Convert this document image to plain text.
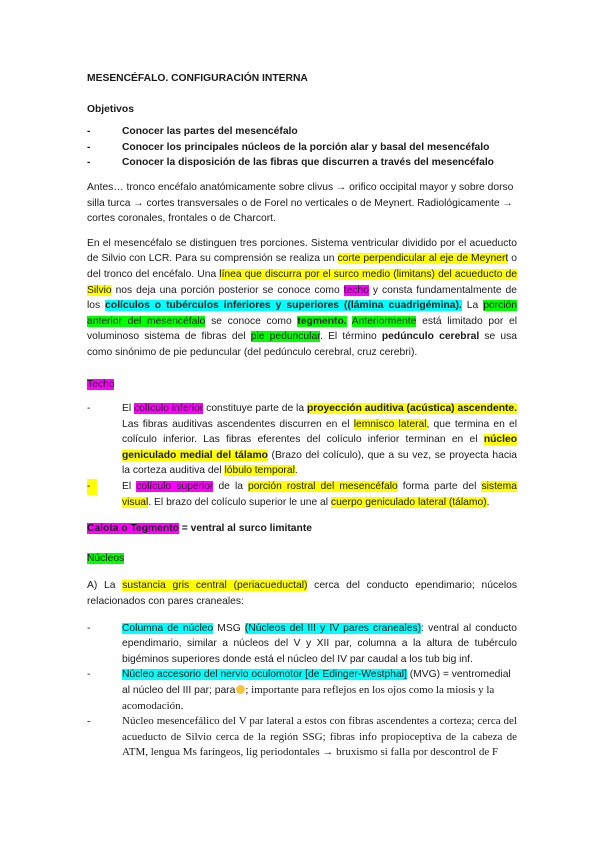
MESENCÉFALO. CONFIGURACIÓN INTERNA

Objetivos

-	Conocer las partes del mesencéfalo

-	Conocer los principales núcleos de la porción alar y basal del mesencéfalo

-	Conocer la disposición de las fibras que discurren a través del mesencéfalo

Antes… tronco encéfalo anatómicamente sobre clivus → orifico occipital mayor y sobre dorso silla turca → cortes transversales o de Forel no verticales o de Meynert. Radiológicamente → cortes coronales, frontales o de Charcort.

En el mesencéfalo se distinguen tres porciones. Sistema ventricular dividido por el acueducto de Silvio con LCR. Para su comprensión se realiza un corte perpendicular al eje de Meynert o del tronco del encéfalo. Una línea que discurra por el surco medio (limitans) del acueducto de Silvio nos deja una porción posterior se conoce como techo y consta fundamentalmente de los colículos o tubérculos inferiores y superiores ((lámina cuadrigémina). La porción anterior del mesencéfalo se conoce como tegmento. Anteriormente está limitado por el voluminoso sistema de fibras del pie peduncular. El término pedúnculo cerebral se usa como sinónimo de pie peduncular (del pedúnculo cerebral, cruz cerebri).

Techo

-	El colículo inferior constituye parte de la proyección auditiva (acústica) ascendente. Las fibras auditivas ascendentes discurren en el lemnisco lateral, que termina en el colículo inferior. Las fibras eferentes del colículo inferior terminan en el núcleo geniculado medial del tálamo (Brazo del colículo), que a su vez, se proyecta hacia la corteza auditiva del lóbulo temporal.

-	El colículo superior de la porción rostral del mesencéfalo forma parte del sistema visual. El brazo del colículo superior le une al cuerpo geniculado lateral (tálamo).

Calota o Tegmento = ventral al surco limitante

Núcleos

A) La sustancia gris central (periacueductal) cerca del conducto ependimario; núcelos relacionados con pares craneales:

-	Columna de núcleo MSG (Núcleos del III y IV pares craneales): ventral al conducto ependimario, similar a núcleos del V y XII par, columna a la altura de tubérculo bigéminos superiores donde está el núcleo del IV par caudal a los tub big inf.

-	Núcleo accesorio del nervio oculomotor [de Edinger-Westphal] (MVG) = ventromedial al núcleo del III par; para ; importante para reflejos en los ojos como la miosis y la acomodación.

-	Núcleo mesencefálico del V par lateral a estos con fibras ascendentes a corteza; cerca del acueducto de Silvio cerca de la región SSG; fibras info propioceptiva de la cabeza de ATM, lengua Ms faríngeos, lig periodontales → bruxismo si falla por descontrol de F
